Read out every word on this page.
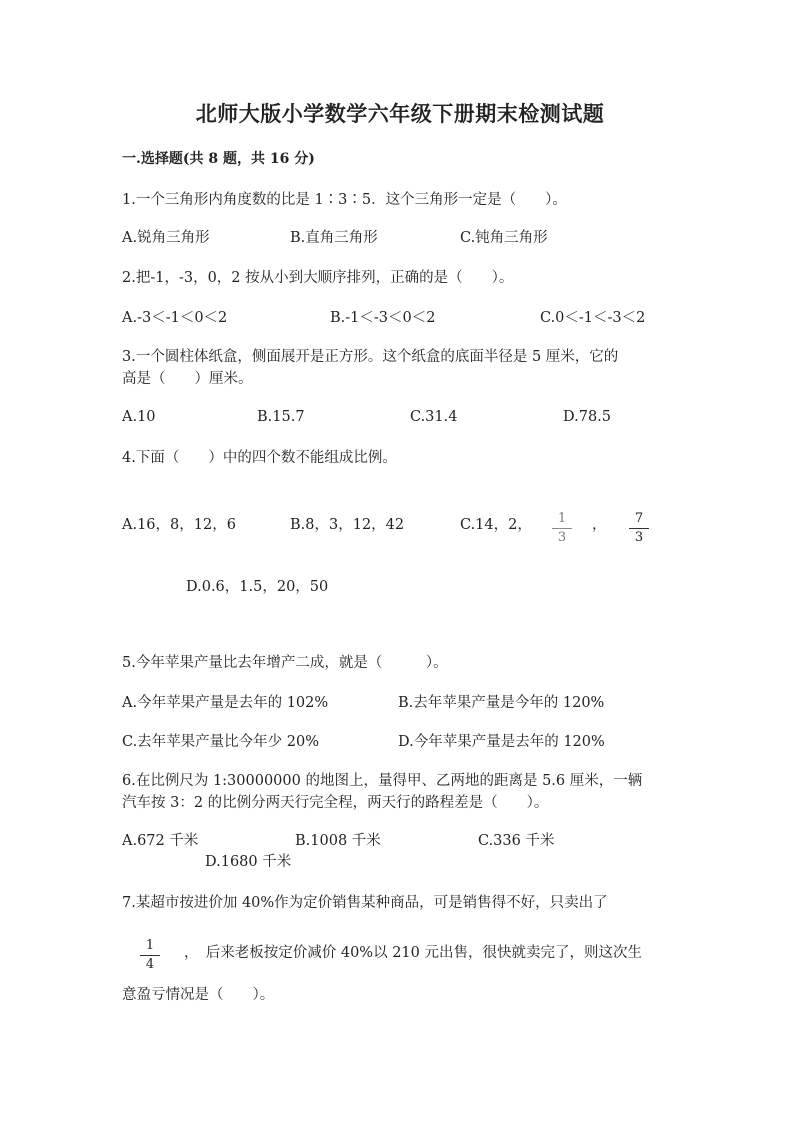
北师大版小学数学六年级下册期末检测试题
一.选择题(共 8 题，共 16 分)
1.一个三角形内角度数的比是 1∶3∶5．这个三角形一定是（　　）。
A.锐角三角形	B.直角三角形	C.钝角三角形
2.把-1，-3，0，2 按从小到大顺序排列，正确的是（　　）。
A.-3＜-1＜0＜2	B.-1＜-3＜0＜2	C.0＜-1＜-3＜2
3.一个圆柱体纸盒，侧面展开是正方形。这个纸盒的底面半径是 5 厘米，它的
高是（　　）厘米。
A.10	B.15.7	C.31.4	D.78.5
4.下面（　　）中的四个数不能组成比例。
A.16，8，12，6	B.8，3，12，42	C.14，2，	1
3
，	7
3
D.0.6，1.5，20，50
5.今年苹果产量比去年增产二成，就是（　　　）。
A.今年苹果产量是去年的 102%	B.去年苹果产量是今年的 120%
C.去年苹果产量比今年少 20%	D.今年苹果产量是去年的 120%
6.在比例尺为 1:30000000 的地图上，量得甲、乙两地的距离是 5.6 厘米，一辆
汽车按 3：2 的比例分两天行完全程，两天行的路程差是（　　）。
A.672 千米	B.1008 千米	C.336 千米
D.1680 千米
7.某超市按进价加 40%作为定价销售某种商品，可是销售得不好，只卖出了
1
4
，　后来老板按定价减价 40%以 210 元出售，很快就卖完了，则这次生
意盈亏情况是（　　）。
